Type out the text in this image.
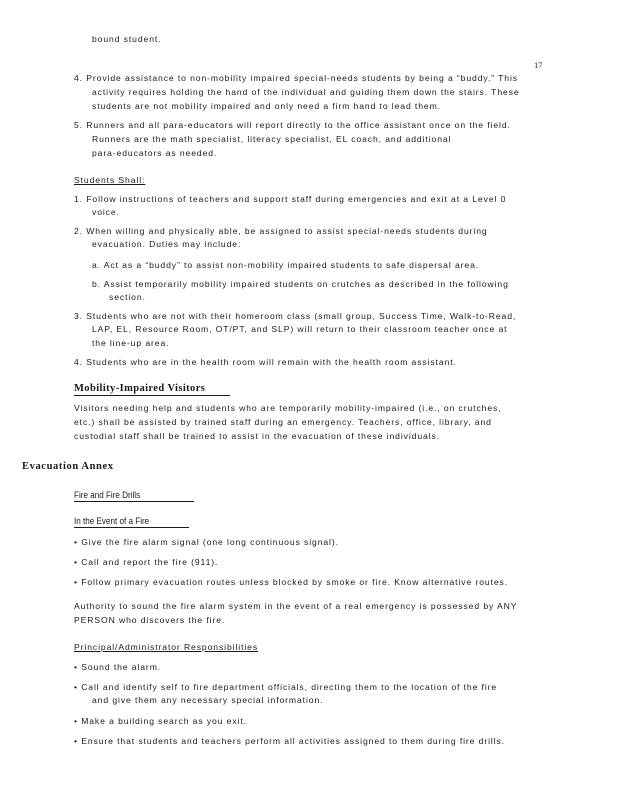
bound student.
17
4. Provide assistance to non-mobility impaired special-needs students by being a “buddy.” This
activity requires holding the hand of the individual and guiding them down the stairs. These
students are not mobility impaired and only need a firm hand to lead them.
5. Runners and all para-educators will report directly to the office assistant once on the field.
Runners are the math specialist, literacy specialist, EL coach, and additional
para-educators as needed.
Students Shall:
1. Follow instructions of teachers and support staff during emergencies and exit at a Level 0
voice.
2. When willing and physically able, be assigned to assist special-needs students during
evacuation. Duties may include:
a. Act as a “buddy” to assist non-mobility impaired students to safe dispersal area.
b. Assist temporarily mobility impaired students on crutches as described in the following
section.
3. Students who are not with their homeroom class (small group, Success Time, Walk-to-Read,
LAP, EL, Resource Room, OT/PT, and SLP) will return to their classroom teacher once at
the line-up area.
4. Students who are in the health room will remain with the health room assistant.
Mobility-Impaired Visitors
Visitors needing help and students who are temporarily mobility-impaired (i.e., on crutches,
etc.) shall be assisted by trained staff during an emergency. Teachers, office, library, and
custodial staff shall be trained to assist in the evacuation of these individuals.
Evacuation Annex
Fire and Fire Drills
In the Event of a Fire
• Give the fire alarm signal (one long continuous signal).
• Call and report the fire (911).
• Follow primary evacuation routes unless blocked by smoke or fire. Know alternative routes.
Authority to sound the fire alarm system in the event of a real emergency is possessed by ANY
PERSON who discovers the fire.
Principal/Administrator Responsibilities
• Sound the alarm.
• Call and identify self to fire department officials, directing them to the location of the fire
and give them any necessary special information.
• Make a building search as you exit.
• Ensure that students and teachers perform all activities assigned to them during fire drills.
